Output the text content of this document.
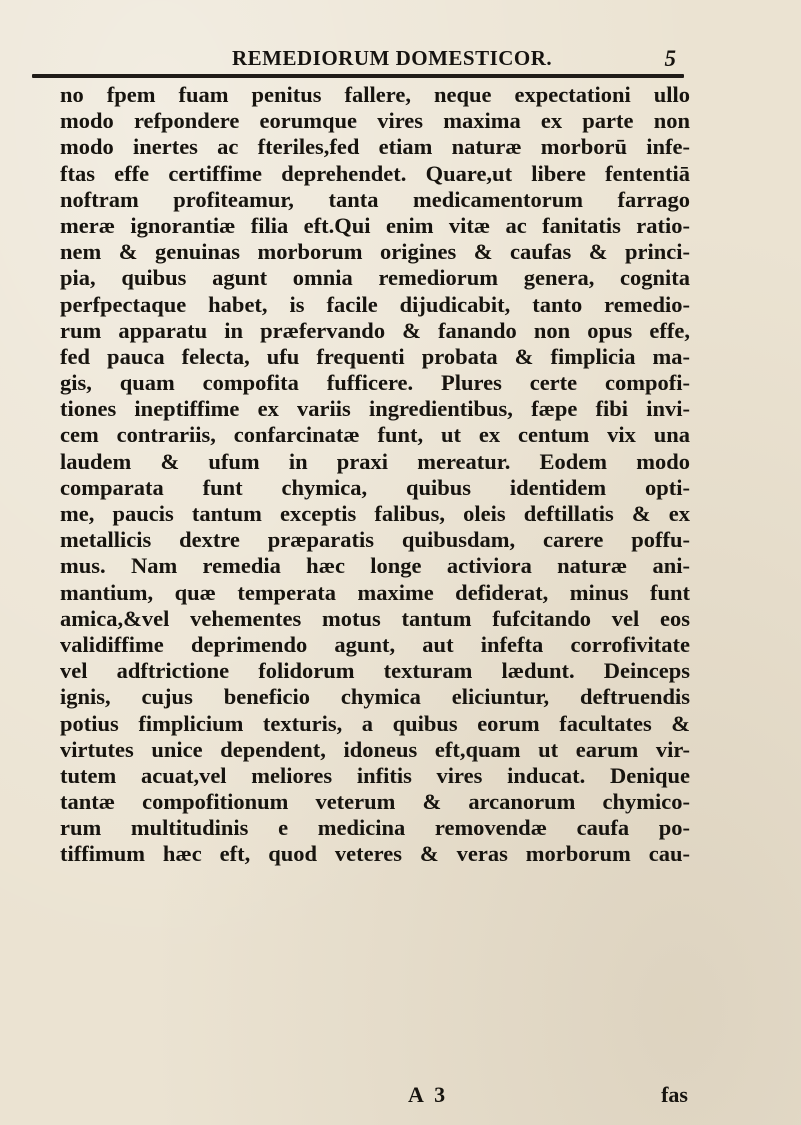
REMEDIORUM DOMESTICOR.	5
no fpem fuam penitus fallere, neque expectationi ullo
modo refpondere eorumque vires maxima ex parte non
modo inertes ac fteriles,fed etiam naturæ morborū infe-
ftas effe certiffime deprehendet. Quare,ut libere fententiā
noftram profiteamur, tanta medicamentorum farrago
meræ ignorantiæ filia eft.Qui enim vitæ ac fanitatis ratio-
nem & genuinas morborum origines & caufas & princi-
pia, quibus agunt omnia remediorum genera, cognita
perfpectaque habet, is facile dijudicabit, tanto remedio-
rum apparatu in præfervando & fanando non opus effe,
fed pauca felecta, ufu frequenti probata & fimplicia ma-
gis, quam compofita fufficere. Plures certe compofi-
tiones ineptiffime ex variis ingredientibus, fæpe fibi invi-
cem contrariis, confarcinatæ funt, ut ex centum vix una
laudem & ufum in praxi mereatur. Eodem modo
comparata funt chymica, quibus identidem opti-
me, paucis tantum exceptis falibus, oleis deftillatis & ex
metallicis dextre præparatis quibusdam, carere poffu-
mus. Nam remedia hæc longe activiora naturæ ani-
mantium, quæ temperata maxime defiderat, minus funt
amica,&vel vehementes motus tantum fufcitando vel eos
validiffime deprimendo agunt, aut infefta corrofivitate
vel adftrictione folidorum texturam lædunt. Deinceps
ignis, cujus beneficio chymica eliciuntur, deftruendis
potius fimplicium texturis, a quibus eorum facultates &
virtutes unice dependent, idoneus eft,quam ut earum vir-
tutem acuat,vel meliores infitis vires inducat. Denique
tantæ compofitionum veterum & arcanorum chymico-
rum multitudinis e medicina removendæ caufa po-
tiffimum hæc eft, quod veteres & veras morborum cau-
A 3	fas
